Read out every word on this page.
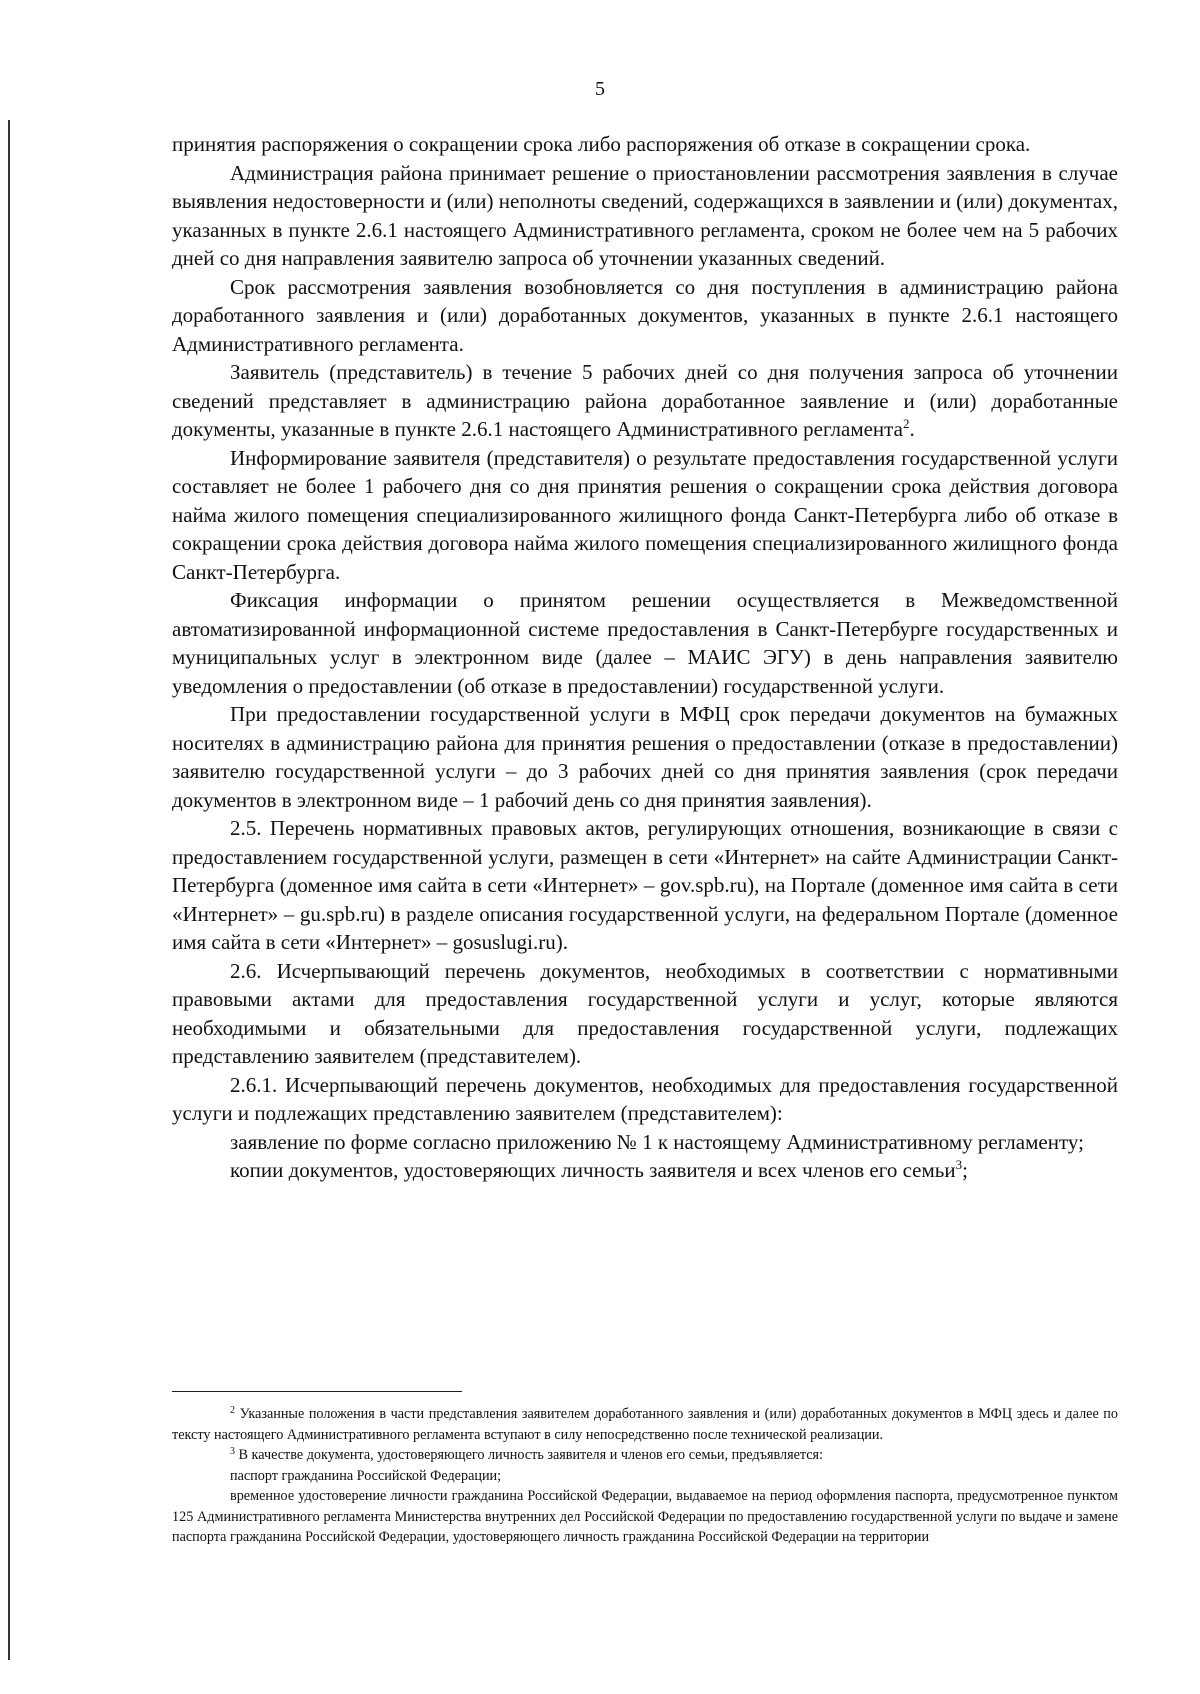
5

принятия распоряжения о сокращении срока либо распоряжения об отказе в сокращении срока.

Администрация района принимает решение о приостановлении рассмотрения заявления в случае выявления недостоверности и (или) неполноты сведений, содержащихся в заявлении и (или) документах, указанных в пункте 2.6.1 настоящего Административного регламента, сроком не более чем на 5 рабочих дней со дня направления заявителю запроса об уточнении указанных сведений.

Срок рассмотрения заявления возобновляется со дня поступления в администрацию района доработанного заявления и (или) доработанных документов, указанных в пункте 2.6.1 настоящего Административного регламента.

Заявитель (представитель) в течение 5 рабочих дней со дня получения запроса об уточнении сведений представляет в администрацию района доработанное заявление и (или) доработанные документы, указанные в пункте 2.6.1 настоящего Административного регламента$^2$.

Информирование заявителя (представителя) о результате предоставления государственной услуги составляет не более 1 рабочего дня со дня принятия решения о сокращении срока действия договора найма жилого помещения специализированного жилищного фонда Санкт-Петербурга либо об отказе в сокращении срока действия договора найма жилого помещения специализированного жилищного фонда Санкт-Петербурга.

Фиксация информации о принятом решении осуществляется в Межведомственной автоматизированной информационной системе предоставления в Санкт-Петербурге государственных и муниципальных услуг в электронном виде (далее – МАИС ЭГУ) в день направления заявителю уведомления о предоставлении (об отказе в предоставлении) государственной услуги.

При предоставлении государственной услуги в МФЦ срок передачи документов на бумажных носителях в администрацию района для принятия решения о предоставлении (отказе в предоставлении) заявителю государственной услуги – до 3 рабочих дней со дня принятия заявления (срок передачи документов в электронном виде – 1 рабочий день со дня принятия заявления).

2.5. Перечень нормативных правовых актов, регулирующих отношения, возникающие в связи с предоставлением государственной услуги, размещен в сети «Интернет» на сайте Администрации Санкт-Петербурга (доменное имя сайта в сети «Интернет» – gov.spb.ru), на Портале (доменное имя сайта в сети «Интернет» – gu.spb.ru) в разделе описания государственной услуги, на федеральном Портале (доменное имя сайта в сети «Интернет» – gosuslugi.ru).

2.6. Исчерпывающий перечень документов, необходимых в соответствии с нормативными правовыми актами для предоставления государственной услуги и услуг, которые являются необходимыми и обязательными для предоставления государственной услуги, подлежащих представлению заявителем (представителем).

2.6.1. Исчерпывающий перечень документов, необходимых для предоставления государственной услуги и подлежащих представлению заявителем (представителем):

заявление по форме согласно приложению № 1 к настоящему Административному регламенту;

копии документов, удостоверяющих личность заявителя и всех членов его семьи$^3$;

$^2$ Указанные положения в части представления заявителем доработанного заявления и (или) доработанных документов в МФЦ здесь и далее по тексту настоящего Административного регламента вступают в силу непосредственно после технической реализации.

$^3$ В качестве документа, удостоверяющего личность заявителя и членов его семьи, предъявляется:

паспорт гражданина Российской Федерации;

временное удостоверение личности гражданина Российской Федерации, выдаваемое на период оформления паспорта, предусмотренное пунктом 125 Административного регламента Министерства внутренних дел Российской Федерации по предоставлению государственной услуги по выдаче и замене паспорта гражданина Российской Федерации, удостоверяющего личность гражданина Российской Федерации на территории
